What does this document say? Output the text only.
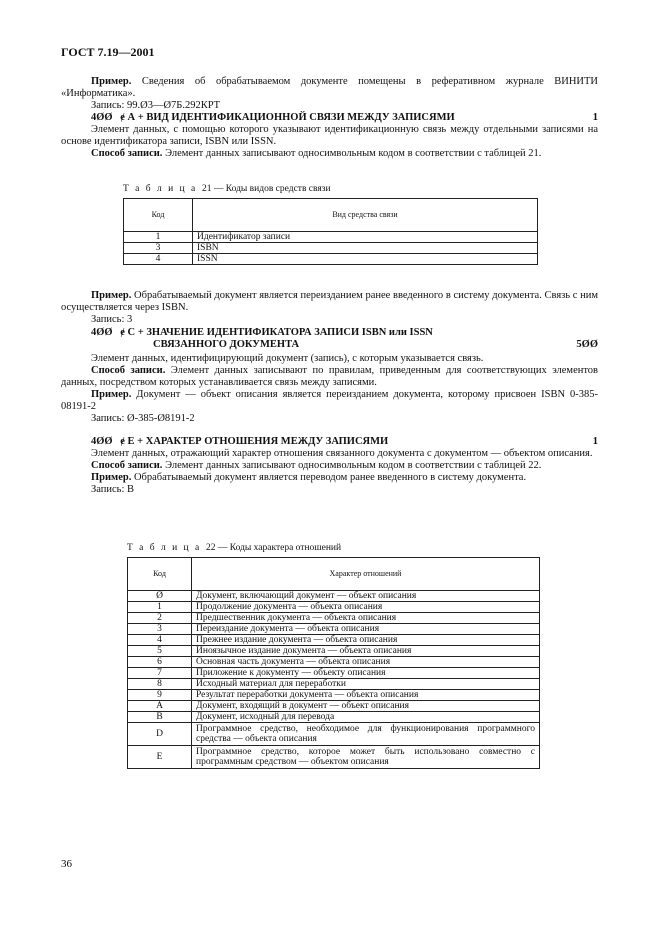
ГОСТ 7.19—2001

Пример. Сведения об обрабатываемом документе помещены в реферативном журнале ВИНИТИ «Информатика».

Запись: 99.Ø3—Ø7Б.292КРТ

4ØØ ɇ А + ВИД ИДЕНТИФИКАЦИОННОЙ СВЯЗИ МЕЖДУ ЗАПИСЯМИ	1

Элемент данных, с помощью которого указывают идентификационную связь между отдельными записями на основе идентификатора записи, ISBN или ISSN.

Способ записи. Элемент данных записывают односимвольным кодом в соответствии с таблицей 21.

Т а б л и ц а 21 — Коды видов средств связи
Код	Вид средства связи
1	Идентификатор записи
3	ISBN
4	ISSN

Пример. Обрабатываемый документ является переизданием ранее введенного в систему документа. Связь с ним осуществляется через ISBN.

Запись: 3

4ØØ ɇ С + ЗНАЧЕНИЕ ИДЕНТИФИКАТОРА ЗАПИСИ ISBN или ISSN
СВЯЗАННОГО ДОКУМЕНТА	5ØØ

Элемент данных, идентифицирующий документ (запись), с которым указывается связь.

Способ записи. Элемент данных записывают по правилам, приведенным для соответствующих элементов данных, посредством которых устанавливается связь между записями.

Пример. Документ — объект описания является переизданием документа, которому присвоен ISBN 0-385-08191-2

Запись: Ø-385-Ø8191-2

4ØØ ɇ Е + ХАРАКТЕР ОТНОШЕНИЯ МЕЖДУ ЗАПИСЯМИ	1

Элемент данных, отражающий характер отношения связанного документа с документом — объектом описания.

Способ записи. Элемент данных записывают односимвольным кодом в соответствии с таблицей 22.

Пример. Обрабатываемый документ является переводом ранее введенного в систему документа.

Запись: В

Т а б л и ц а 22 — Коды характера отношений
Код	Характер отношений
Ø	Документ, включающий документ — объект описания
1	Продолжение документа — объекта описания
2	Предшественник документа — объекта описания
3	Переиздание документа — объекта описания
4	Прежнее издание документа — объекта описания
5	Иноязычное издание документа — объекта описания
6	Основная часть документа — объекта описания
7	Приложение к документу — объекту описания
8	Исходный материал для переработки
9	Результат переработки документа — объекта описания
A	Документ, входящий в документ — объект описания
B	Документ, исходный для перевода
D	Программное средство, необходимое для функционирования программного средства — объекта описания
E	Программное средство, которое может быть использовано совместно с программным средством — объектом описания
36
